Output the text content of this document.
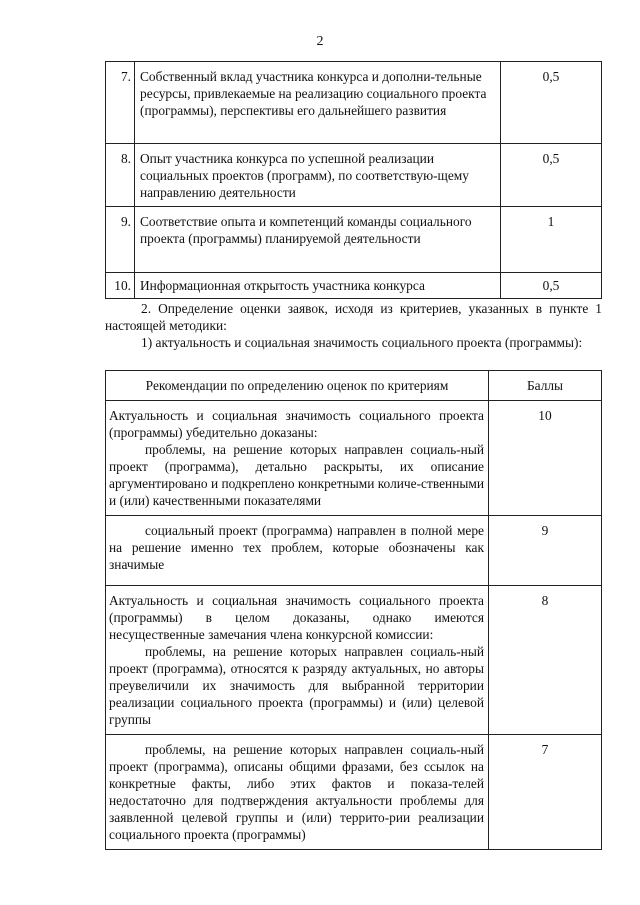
2
7.	Собственный вклад участника конкурса и дополни-тельные ресурсы, привлекаемые на реализацию социального проекта (программы), перспективы его дальнейшего развития	0,5
8.	Опыт участника конкурса по успешной реализации социальных проектов (программ), по соответствую-щему направлению деятельности	0,5
9.	Соответствие опыта и компетенций команды социального проекта (программы) планируемой деятельности	1
10.	Информационная открытость участника конкурса	0,5
2. Определение оценки заявок, исходя из критериев, указанных в пункте 1 настоящей методики:
1) актуальность и социальная значимость социального проекта (программы):
Рекомендации по определению оценок по критериям	Баллы

Актуальность и социальная значимость социального проекта (программы) убедительно доказаны:
проблемы, на решение которых направлен социаль-ный проект (программа), детально раскрыты, их описание аргументировано и подкреплено конкретными количе-ственными и (или) качественными показателями	10

социальный проект (программа) направлен в полной мере на решение именно тех проблем, которые обозначены как значимые	9

Актуальность и социальная значимость социального проекта (программы) в целом доказаны, однако имеются несущественные замечания члена конкурсной комиссии:
проблемы, на решение которых направлен социаль-ный проект (программа), относятся к разряду актуальных, но авторы преувеличили их значимость для выбранной территории реализации социального проекта (программы) и (или) целевой группы	8

проблемы, на решение которых направлен социаль-ный проект (программа), описаны общими фразами, без ссылок на конкретные факты, либо этих фактов и показа-телей недостаточно для подтверждения актуальности проблемы для заявленной целевой группы и (или) террито-рии реализации социального проекта (программы)	7
